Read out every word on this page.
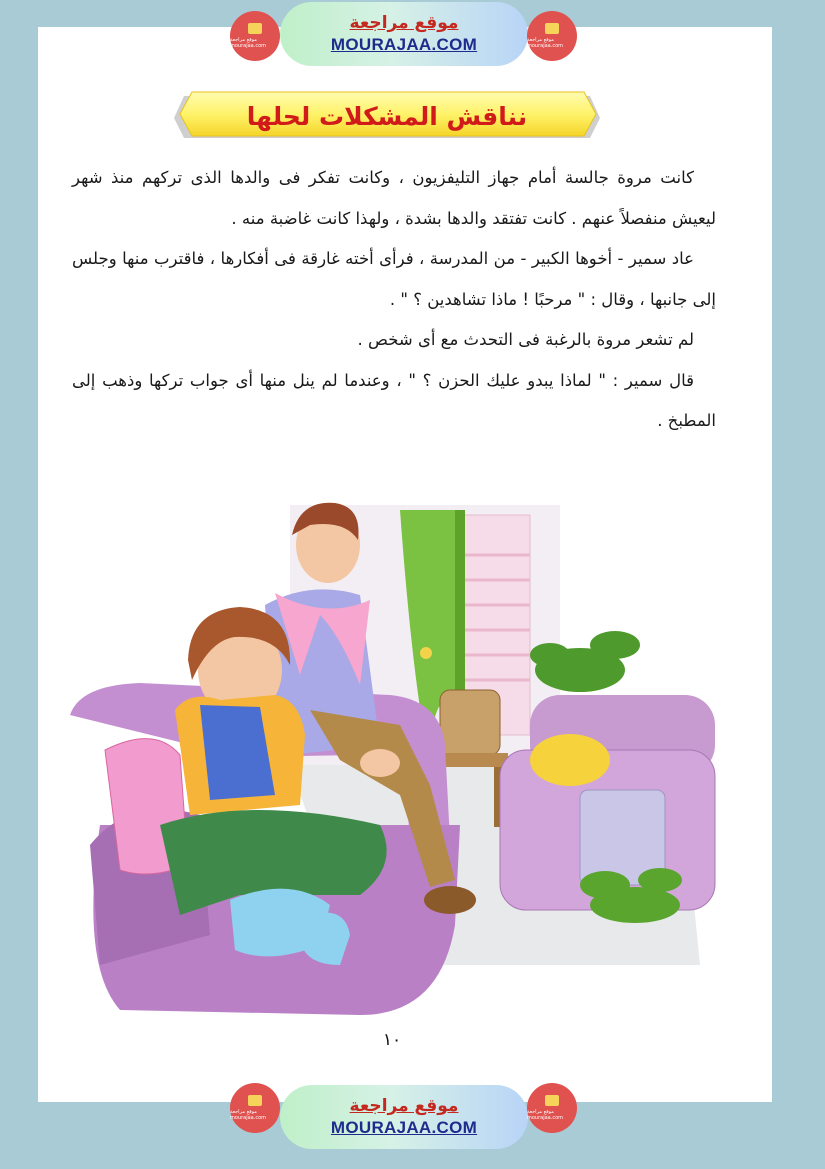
موقع مراجعة mourajaa.com
موقع مراجعة
MOURAJAA.COM	موقع مراجعة mourajaa.com
نناقش المشكلات لحلها

كانت مروة جالسة أمام جهاز التليفزيون ، وكانت تفكر فى والدها الذى تركهم منذ شهر ليعيش منفصلاً عنهم . كانت تفتقد والدها بشدة ، ولهذا كانت غاضبة منه .

عاد سمير - أخوها الكبير - من المدرسة ، فرأى أخته غارقة فى أفكارها ، فاقترب منها وجلس إلى جانبها ، وقال : " مرحبًا ! ماذا تشاهدين ؟ " .

لم تشعر مروة بالرغبة فى التحدث مع أى شخص .

قال سمير : " لماذا يبدو عليك الحزن ؟ " ، وعندما لم ينل منها أى جواب تركها وذهب إلى المطبخ .

١٠
موقع مراجعة mourajaa.com
موقع مراجعة
MOURAJAA.COM
موقع مراجعة mourajaa.com
